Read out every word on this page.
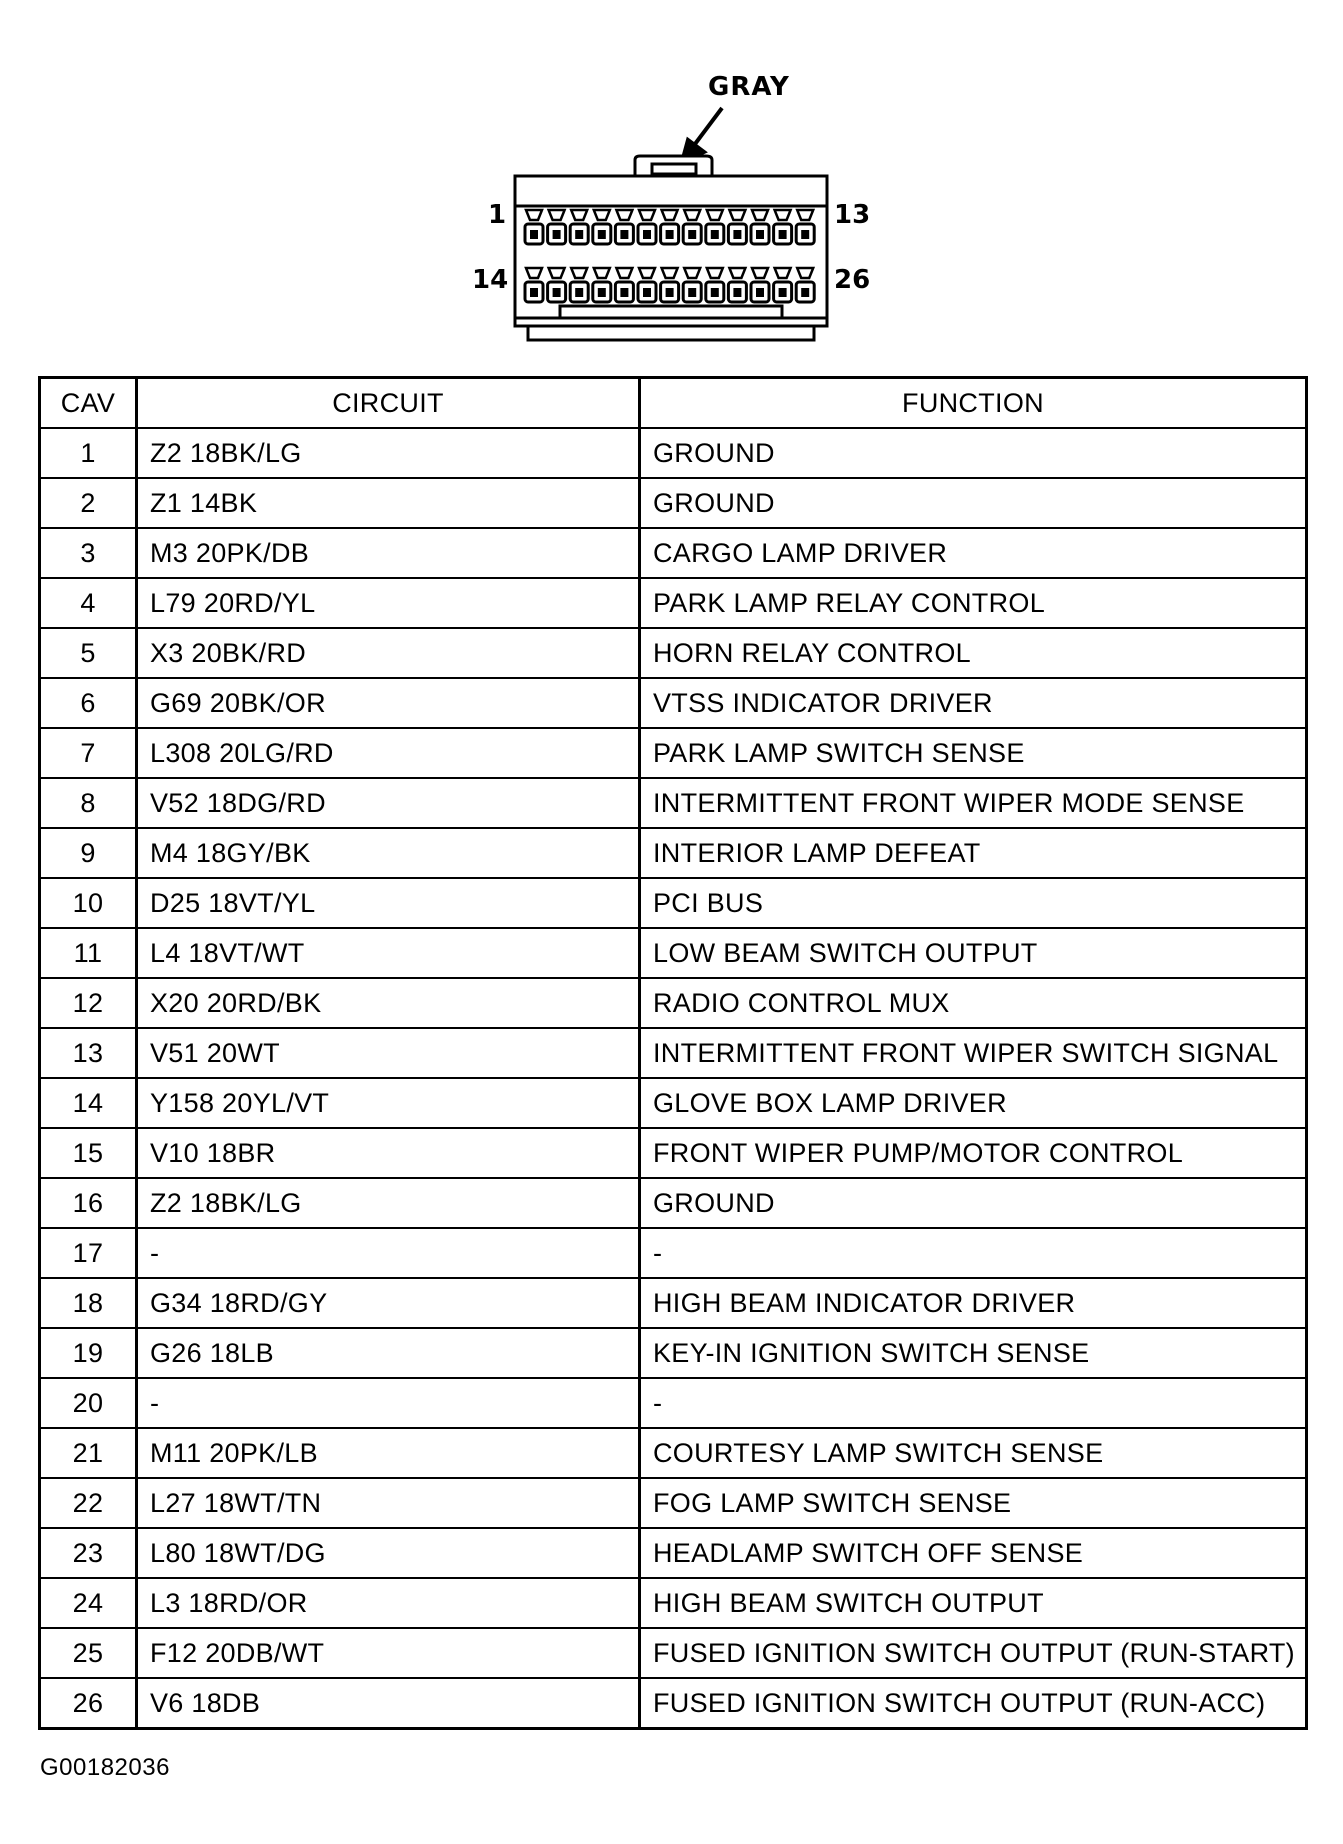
GRAY
1	13
14	26
CAV	CIRCUIT	FUNCTION
1	Z2 18BK/LG	GROUND
2	Z1 14BK	GROUND
3	M3 20PK/DB	CARGO LAMP DRIVER
4	L79 20RD/YL	PARK LAMP RELAY CONTROL
5	X3 20BK/RD	HORN RELAY CONTROL
6	G69 20BK/OR	VTSS INDICATOR DRIVER
7	L308 20LG/RD	PARK LAMP SWITCH SENSE
8	V52 18DG/RD	INTERMITTENT FRONT WIPER MODE SENSE
9	M4 18GY/BK	INTERIOR LAMP DEFEAT
10	D25 18VT/YL	PCI BUS
11	L4 18VT/WT	LOW BEAM SWITCH OUTPUT
12	X20 20RD/BK	RADIO CONTROL MUX
13	V51 20WT	INTERMITTENT FRONT WIPER SWITCH SIGNAL
14	Y158 20YL/VT	GLOVE BOX LAMP DRIVER
15	V10 18BR	FRONT WIPER PUMP/MOTOR CONTROL
16	Z2 18BK/LG	GROUND
17	-	-
18	G34 18RD/GY	HIGH BEAM INDICATOR DRIVER
19	G26 18LB	KEY-IN IGNITION SWITCH SENSE
20	-	-
21	M11 20PK/LB	COURTESY LAMP SWITCH SENSE
22	L27 18WT/TN	FOG LAMP SWITCH SENSE
23	L80 18WT/DG	HEADLAMP SWITCH OFF SENSE
24	L3 18RD/OR	HIGH BEAM SWITCH OUTPUT
25	F12 20DB/WT	FUSED IGNITION SWITCH OUTPUT (RUN-START)
26	V6 18DB	FUSED IGNITION SWITCH OUTPUT (RUN-ACC)
G00182036
